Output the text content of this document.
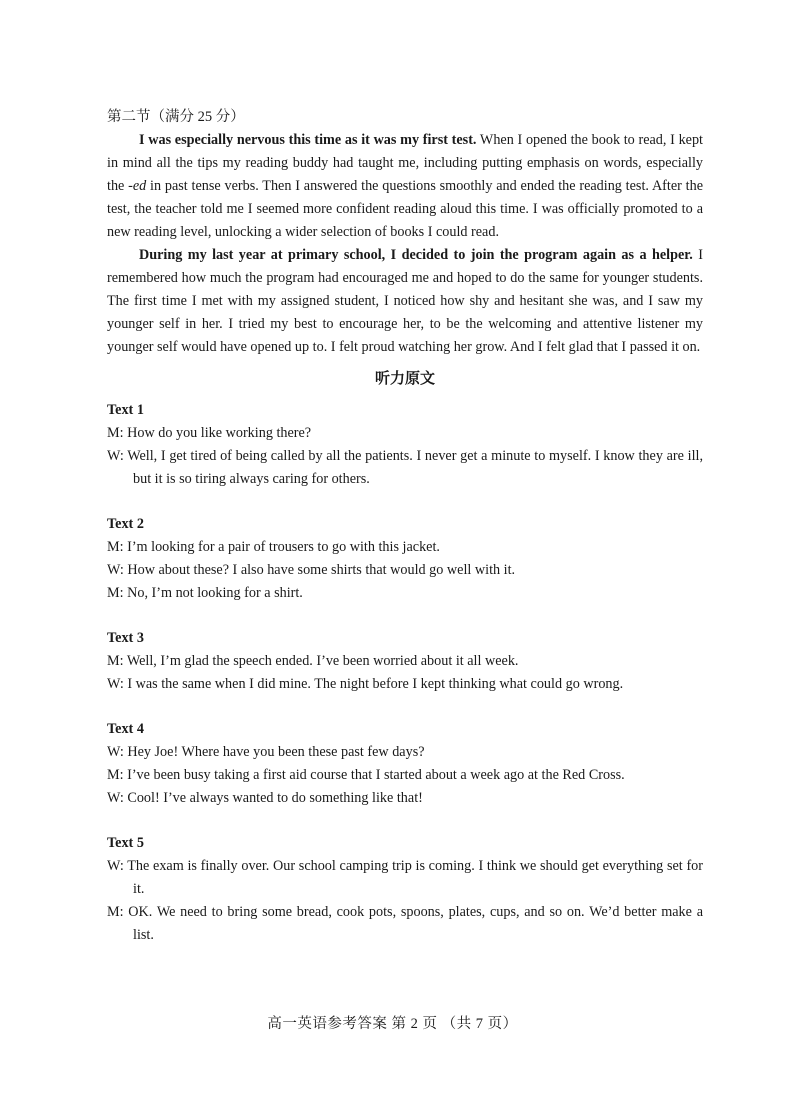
第二节（满分 25 分）

I was especially nervous this time as it was my first test. When I opened the book to read, I kept in mind all the tips my reading buddy had taught me, including putting emphasis on words, especially the -ed in past tense verbs. Then I answered the questions smoothly and ended the reading test. After the test, the teacher told me I seemed more confident reading aloud this time. I was officially promoted to a new reading level, unlocking a wider selection of books I could read.

During my last year at primary school, I decided to join the program again as a helper. I remembered how much the program had encouraged me and hoped to do the same for younger students. The first time I met with my assigned student, I noticed how shy and hesitant she was, and I saw my younger self in her. I tried my best to encourage her, to be the welcoming and attentive listener my younger self would have opened up to. I felt proud watching her grow. And I felt glad that I passed it on.

听力原文

Text 1

M: How do you like working there?

W: Well, I get tired of being called by all the patients. I never get a minute to myself. I know they are ill, but it is so tiring always caring for others.

Text 2

M: I’m looking for a pair of trousers to go with this jacket.

W: How about these? I also have some shirts that would go well with it.

M: No, I’m not looking for a shirt.

Text 3

M: Well, I’m glad the speech ended. I’ve been worried about it all week.

W: I was the same when I did mine. The night before I kept thinking what could go wrong.

Text 4

W: Hey Joe! Where have you been these past few days?

M: I’ve been busy taking a first aid course that I started about a week ago at the Red Cross.

W: Cool! I’ve always wanted to do something like that!

Text 5

W: The exam is finally over. Our school camping trip is coming. I think we should get everything set for it.

M: OK. We need to bring some bread, cook pots, spoons, plates, cups, and so on. We’d better make a list.

高一英语参考答案 第 2 页 （共 7 页）
